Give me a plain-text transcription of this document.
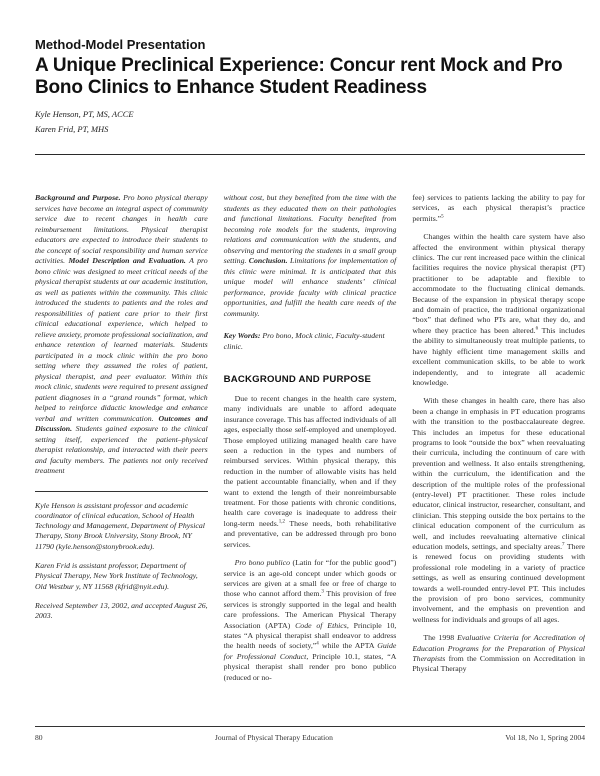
Method-Model Presentation
A Unique Preclinical Experience: Concur rent Mock and Pro Bono Clinics to Enhance Student Readiness
Kyle Henson, PT, MS, ACCE
Karen Frid, PT, MHS

Background and Purpose. Pro bono physical therapy services have become an integral aspect of community service due to recent changes in health care reimbursement limitations. Physical therapist educators are expected to introduce their students to the concept of social responsibility and human service activities. Model Description and Evaluation. A pro bono clinic was designed to meet critical needs of the physical therapist students at our academic institution, as well as patients within the community. This clinic introduced the students to patients and the roles and responsibilities of patient care prior to their first clinical educational experience, which helped to relieve anxiety, promote professional socialization, and enhance retention of learned materials. Students participated in a mock clinic within the pro bono setting where they assumed the roles of patient, physical therapist, and peer evaluator. Within this mock clinic, students were required to present assigned patient diagnoses in a “grand rounds” format, which helped to reinforce didactic knowledge and enhance verbal and written communication. Outcomes and Discussion. Students gained exposure to the clinical setting itself, experienced the patient–physical therapist relationship, and interacted with their peers and faculty members. The patients not only received treatment

Kyle Henson is assistant professor and academic coordinator of clinical education, School of Health Technology and Management, Department of Physical Therapy, Stony Brook University, Stony Brook, NY 11790 (kyle.henson@stonybrook.edu).

Karen Frid is assistant professor, Department of Physical Therapy, New York Institute of Technology, Old Westbur y, NY 11568 (kfrid@nyit.edu).

Received September 13, 2002, and accepted August 26, 2003.

without cost, but they benefited from the time with the students as they educated them on their pathologies and functional limitations. Faculty benefited from becoming role models for the students, improving relations and communication with the students, and observing and mentoring the students in a small group setting. Conclusion. Limitations for implementation of this clinic were minimal. It is anticipated that this unique model will enhance students’ clinical performance, provide faculty with clinical practice opportunities, and fulfill the health care needs of the community.

Key Words: Pro bono, Mock clinic, Faculty-student clinic.

BACKGROUND AND PURPOSE

Due to recent changes in the health care system, many individuals are unable to afford adequate insurance coverage. This has affected individuals of all ages, especially those self-employed and unemployed. Those employed utilizing managed health care have seen a reduction in the types and numbers of reimbursed services. Within physical therapy, this reduction in the number of allowable visits has held the patient accountable financially, when and if they want to extend the length of their nonreimbursable treatment. For those patients with chronic conditions, health care coverage is inadequate to address their long-term needs.$^{1,2}$ These needs, both rehabilitative and preventative, can be addressed through pro bono services.

Pro bono publico (Latin for “for the public good”) service is an age-old concept under which goods or services are given at a small fee or free of charge to those who cannot afford them.$^3$ This provision of free services is strongly supported in the legal and health care professions. The American Physical Therapy Association (APTA) Code of Ethics, Principle 10, states “A physical therapist shall endeavor to address the health needs of society,”$^4$ while the APTA Guide for Professional Conduct, Principle 10.1, states, “A physical therapist shall render pro bono publico (reduced or no-

fee) services to patients lacking the ability to pay for services, as each physical therapist’s practice permits.”$^5$

Changes within the health care system have also affected the environment within physical therapy clinics. The cur rent increased pace within the clinical facilities requires the novice physical therapist (PT) practitioner to be adaptable and flexible to accommodate to the fluctuating clinical demands. Because of the expansion in physical therapy scope and domain of practice, the traditional organizational “box” that defined who PTs are, what they do, and where they practice has been altered.$^6$ This includes the ability to simultaneously treat multiple patients, to have highly efficient time management skills and excellent communication skills, to be able to work independently, and to integrate all academic knowledge.

With these changes in health care, there has also been a change in emphasis in PT education programs with the transition to the postbaccalaureate degree. This includes an impetus for these educational programs to look “outside the box” when reevaluating their curricula, including the continuum of care with prevention and wellness. It also entails strengthening, within the curriculum, the identification and the description of the multiple roles of the professional (entry-level) PT practitioner. These roles include educator, clinical instructor, researcher, consultant, and clinician. This stepping outside the box pertains to the clinical education component of the curriculum as well, and includes reevaluating alternative clinical education models, settings, and specialty areas.$^7$ There is renewed focus on providing students with professional role modeling in a variety of practice settings, as well as ensuring continued development towards a well-rounded entry-level PT. This includes the provision of pro bono services, community involvement, and the emphasis on prevention and wellness for individuals and groups of all ages.

The 1998 Evaluative Criteria for Accreditation of Education Programs for the Preparation of Physical Therapists from the Commission on Accreditation in Physical Therapy

80	Journal of Physical Therapy Education	Vol 18, No 1, Spring 2004
